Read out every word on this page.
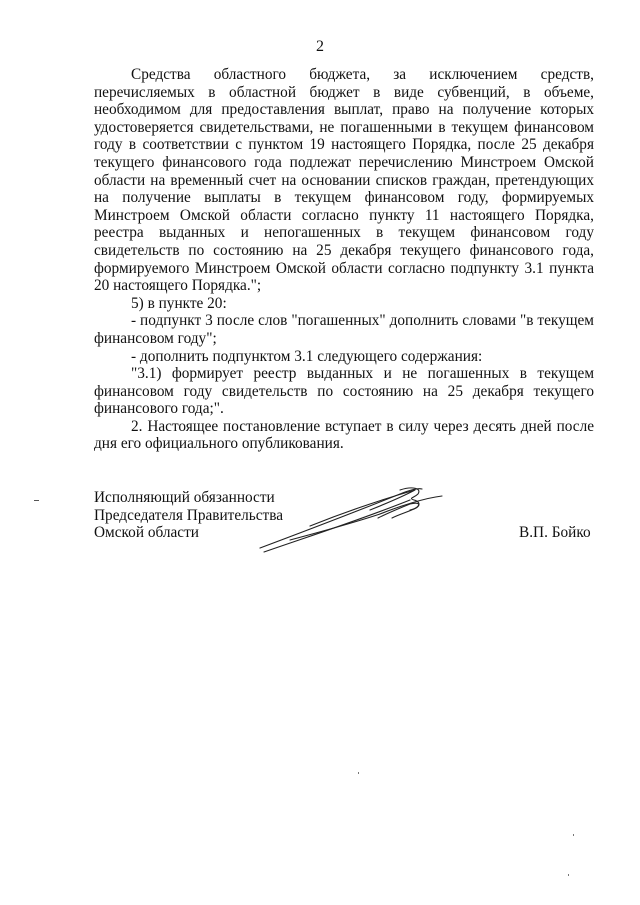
2

Средства областного бюджета, за исключением средств, перечисляемых в областной бюджет в виде субвенций, в объеме, необходимом для предоставления выплат, право на получение которых удостоверяется свидетельствами, не погашенными в текущем финансовом году в соответствии с пунктом 19 настоящего Порядка, после 25 декабря текущего финансового года подлежат перечислению Минстроем Омской области на временный счет на основании списков граждан, претендующих на получение выплаты в текущем финансовом году, формируемых Минстроем Омской области согласно пункту 11 настоящего Порядка, реестра выданных и непогашенных в текущем финансовом году свидетельств по состоянию на 25 декабря текущего финансового года, формируемого Минстроем Омской области согласно подпункту 3.1 пункта 20 настоящего Порядка.";

5) в пункте 20:

- подпункт 3 после слов "погашенных" дополнить словами "в текущем финансовом году";

- дополнить подпунктом 3.1 следующего содержания:

"3.1) формирует реестр выданных и не погашенных в текущем финансовом году свидетельств по состоянию на 25 декабря текущего финансового года;".

2. Настоящее постановление вступает в силу через десять дней после дня его официального опубликования.

Исполняющий обязанности
Председателя Правительства
Омской области	В.П. Бойко
